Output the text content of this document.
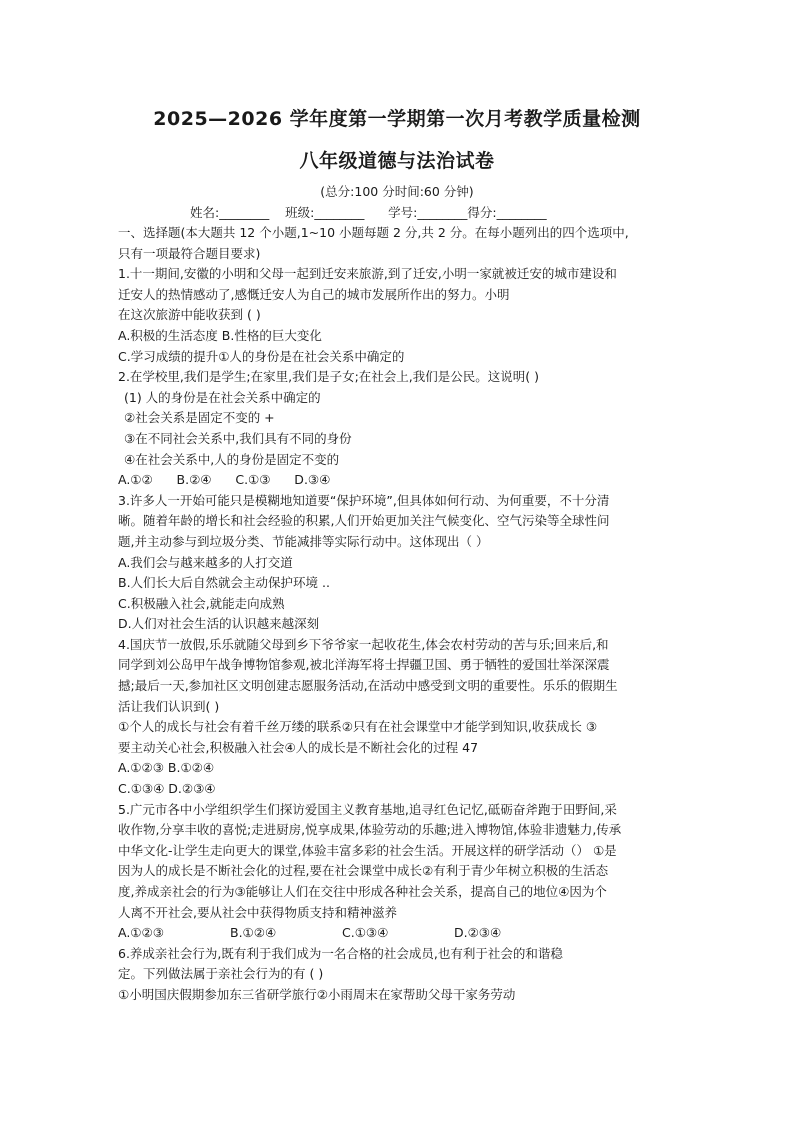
2025—2026 学年度第一学期第一次月考教学质量检测
八年级道德与法治试卷
(总分:100 分时间:60 分钟)
姓名:________    班级:________      学号:________得分:________
一、选择题(本大题共 12 个小题,1~10 小题每题 2 分,共 2 分。在每小题列出的四个选项中,
只有一项最符合题目要求)
1.十一期间,安徽的小明和父母一起到迁安来旅游,到了迁安,小明一家就被迁安的城市建设和
迁安人的热情感动了,感慨迁安人为自己的城市发展所作出的努力。小明
在这次旅游中能收获到 ( )
A.积极的生活态度 B.性格的巨大变化
C.学习成绩的提升①人的身份是在社会关系中确定的
2.在学校里,我们是学生;在家里,我们是子女;在社会上,我们是公民。这说明( )
(1) 人的身份是在社会关系中确定的
②社会关系是固定不变的 +
③在不同社会关系中,我们具有不同的身份
④在社会关系中,人的身份是固定不变的
A.①②      B.②④      C.①③      D.③④
3.许多人一开始可能只是模糊地知道要“保护环境”,但具体如何行动、为何重要，不十分清
晰。随着年龄的增长和社会经验的积累,人们开始更加关注气候变化、空气污染等全球性问
题,并主动参与到垃圾分类、节能减排等实际行动中。这体现出（ ）
A.我们会与越来越多的人打交道
B.人们长大后自然就会主动保护环境 ..
C.积极融入社会,就能走向成熟
D.人们对社会生活的认识越来越深刻
4.国庆节一放假,乐乐就随父母到乡下爷爷家一起收花生,体会农村劳动的苦与乐;回来后,和
同学到刘公岛甲午战争博物馆参观,被北洋海军将士捍疆卫国、勇于牺牲的爱国壮举深深震
撼;最后一天,参加社区文明创建志愿服务活动,在活动中感受到文明的重要性。乐乐的假期生
活让我们认识到( )
①个人的成长与社会有着千丝万缕的联系②只有在社会课堂中才能学到知识,收获成长 ③
要主动关心社会,积极融入社会④人的成长是不断社会化的过程 47
A.①②③ B.①②④
C.①③④ D.②③④
5.广元市各中小学组织学生们探访爱国主义教育基地,追寻红色记忆,砥砺奋斧跑于田野间,采
收作物,分享丰收的喜悦;走进厨房,悦享成果,体验劳动的乐趣;进入博物馆,体验非遗魅力,传承
中华文化-让学生走向更大的课堂,体验丰富多彩的社会生活。开展这样的研学活动（） ①是
因为人的成长是不断社会化的过程,要在社会课堂中成长②有利于青少年树立积极的生活态
度,养成亲社会的行为③能够让人们在交往中形成各种社会关系，提高自己的地位④因为个
人离不开社会,要从社会中获得物质支持和精神滋养
A.①②③	B.①②④	C.①③④	D.②③④
6.养成亲社会行为,既有利于我们成为一名合格的社会成员,也有利于社会的和谐稳
定。下列做法属于亲社会行为的有 ( )
①小明国庆假期参加东三省研学旅行②小雨周末在家帮助父母干家务劳动
